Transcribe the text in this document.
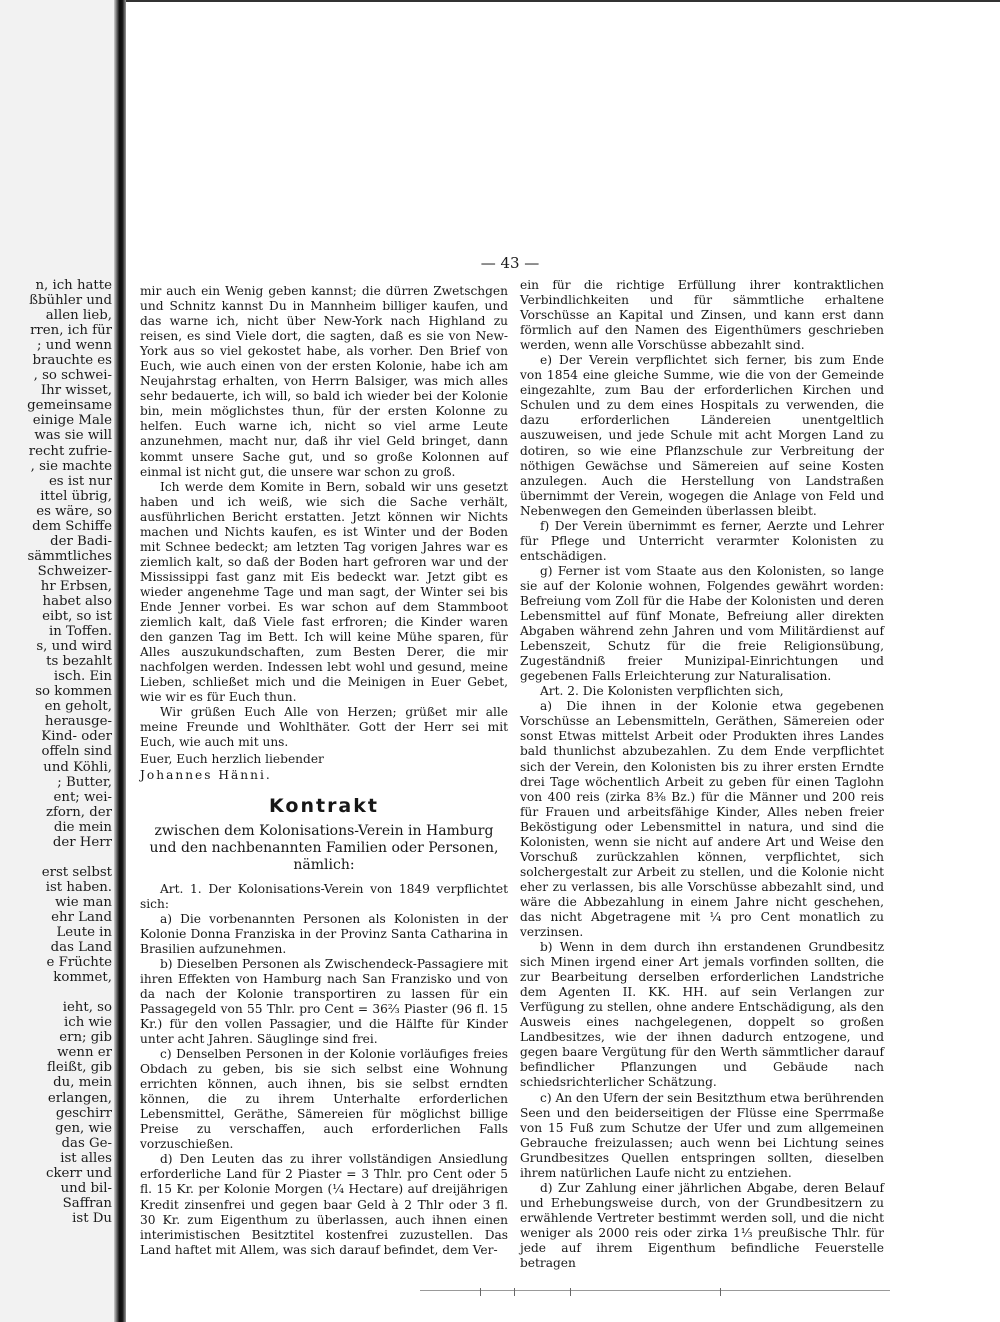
n, ich hatte
ßbühler und
allen lieb,
rren, ich für
; und wenn
brauchte es
, so schwei-
Ihr wisset,
gemeinsame
einige Male
was sie will
recht zufrie-
, sie machte
es ist nur
ittel übrig,
es wäre, so
dem Schiffe
der Badi-
sämmtliches
Schweizer-
hr Erbsen,
habet also
eibt, so ist
in Toffen.
s, und wird
ts bezahlt
isch. Ein
so kommen
en geholt,
herausge-
Kind- oder
offeln sind
und Köhli,
; Butter,
ent; wei-
zforn, der
die mein
der Herr
erst selbst
ist haben.
wie man
ehr Land
Leute in
das Land
e Früchte
kommet,
ieht, so
ich wie
ern; gib
wenn er
fleißt, gib
du, mein
erlangen,
geschirr
gen, wie
das Ge-
ist alles
ckerr und
und bil-
Saffran
ist Du
— 43 —

mir auch ein Wenig geben kannst; die dürren Zwetschgen und Schnitz kannst Du in Mannheim billiger kaufen, und das warne ich, nicht über New-York nach Highland zu reisen, es sind Viele dort, die sagten, daß es sie von New-York aus so viel gekostet habe, als vorher. Den Brief von Euch, wie auch einen von der ersten Kolonie, habe ich am Neujahrstag erhalten, von Herrn Balsiger, was mich alles sehr bedauerte, ich will, so bald ich wieder bei der Kolonie bin, mein möglichstes thun, für der ersten Kolonne zu helfen. Euch warne ich, nicht so viel arme Leute anzunehmen, macht nur, daß ihr viel Geld bringet, dann kommt unsere Sache gut, und so große Kolonnen auf einmal ist nicht gut, die unsere war schon zu groß.

Ich werde dem Komite in Bern, sobald wir uns gesetzt haben und ich weiß, wie sich die Sache verhält, ausführlichen Bericht erstatten. Jetzt können wir Nichts machen und Nichts kaufen, es ist Winter und der Boden mit Schnee bedeckt; am letzten Tag vorigen Jahres war es ziemlich kalt, so daß der Boden hart gefroren war und der Mississippi fast ganz mit Eis bedeckt war. Jetzt gibt es wieder angenehme Tage und man sagt, der Winter sei bis Ende Jenner vorbei. Es war schon auf dem Stammboot ziemlich kalt, daß Viele fast erfroren; die Kinder waren den ganzen Tag im Bett. Ich will keine Mühe sparen, für Alles auszukundschaften, zum Besten Derer, die mir nachfolgen werden. Indessen lebt wohl und gesund, meine Lieben, schließet mich und die Meinigen in Euer Gebet, wie wir es für Euch thun.

Wir grüßen Euch Alle von Herzen; grüßet mir alle meine Freunde und Wohlthäter. Gott der Herr sei mit Euch, wie auch mit uns.

Euer, Euch herzlich liebender

Johannes Hänni.

Kontrakt
zwischen dem Kolonisations-Verein in Hamburg und den nachbenannten Familien oder Personen, nämlich:

Art. 1. Der Kolonisations-Verein von 1849 verpflichtet sich:

a) Die vorbenannten Personen als Kolonisten in der Kolonie Donna Franziska in der Provinz Santa Catharina in Brasilien aufzunehmen.

b) Dieselben Personen als Zwischendeck-Passagiere mit ihren Effekten von Hamburg nach San Franzisko und von da nach der Kolonie transportiren zu lassen für ein Passagegeld von 55 Thlr. pro Cent = 36⅔ Piaster (96 fl. 15 Kr.) für den vollen Passagier, und die Hälfte für Kinder unter acht Jahren. Säuglinge sind frei.

c) Denselben Personen in der Kolonie vorläufiges freies Obdach zu geben, bis sie sich selbst eine Wohnung errichten können, auch ihnen, bis sie selbst erndten können, die zu ihrem Unterhalte erforderlichen Lebensmittel, Geräthe, Sämereien für möglichst billige Preise zu verschaffen, auch erforderlichen Falls vorzuschießen.

d) Den Leuten das zu ihrer vollständigen Ansiedlung erforderliche Land für 2 Piaster = 3 Thlr. pro Cent oder 5 fl. 15 Kr. per Kolonie Morgen (¼ Hectare) auf dreijährigen Kredit zinsenfrei und gegen baar Geld à 2 Thlr oder 3 fl. 30 Kr. zum Eigenthum zu überlassen, auch ihnen einen interimistischen Besitztitel kostenfrei zuzustellen. Das Land haftet mit Allem, was sich darauf befindet, dem Ver-

ein für die richtige Erfüllung ihrer kontraktlichen Verbindlichkeiten und für sämmtliche erhaltene Vorschüsse an Kapital und Zinsen, und kann erst dann förmlich auf den Namen des Eigenthümers geschrieben werden, wenn alle Vorschüsse abbezahlt sind.

e) Der Verein verpflichtet sich ferner, bis zum Ende von 1854 eine gleiche Summe, wie die von der Gemeinde eingezahlte, zum Bau der erforderlichen Kirchen und Schulen und zu dem eines Hospitals zu verwenden, die dazu erforderlichen Ländereien unentgeltlich auszuweisen, und jede Schule mit acht Morgen Land zu dotiren, so wie eine Pflanzschule zur Verbreitung der nöthigen Gewächse und Sämereien auf seine Kosten anzulegen. Auch die Herstellung von Landstraßen übernimmt der Verein, wogegen die Anlage von Feld und Nebenwegen den Gemeinden überlassen bleibt.

f) Der Verein übernimmt es ferner, Aerzte und Lehrer für Pflege und Unterricht verarmter Kolonisten zu entschädigen.

g) Ferner ist vom Staate aus den Kolonisten, so lange sie auf der Kolonie wohnen, Folgendes gewährt worden: Befreiung vom Zoll für die Habe der Kolonisten und deren Lebensmittel auf fünf Monate, Befreiung aller direkten Abgaben während zehn Jahren und vom Militärdienst auf Lebenszeit, Schutz für die freie Religionsübung, Zugeständniß freier Munizipal-Einrichtungen und gegebenen Falls Erleichterung zur Naturalisation.

Art. 2. Die Kolonisten verpflichten sich,

a) Die ihnen in der Kolonie etwa gegebenen Vorschüsse an Lebensmitteln, Geräthen, Sämereien oder sonst Etwas mittelst Arbeit oder Produkten ihres Landes bald thunlichst abzubezahlen. Zu dem Ende verpflichtet sich der Verein, den Kolonisten bis zu ihrer ersten Erndte drei Tage wöchentlich Arbeit zu geben für einen Taglohn von 400 reis (zirka 8⅜ Bz.) für die Männer und 200 reis für Frauen und arbeitsfähige Kinder, Alles neben freier Beköstigung oder Lebensmittel in natura, und sind die Kolonisten, wenn sie nicht auf andere Art und Weise den Vorschuß zurückzahlen können, verpflichtet, sich solchergestalt zur Arbeit zu stellen, und die Kolonie nicht eher zu verlassen, bis alle Vorschüsse abbezahlt sind, und wäre die Abbezahlung in einem Jahre nicht geschehen, das nicht Abgetragene mit ¼ pro Cent monatlich zu verzinsen.

b) Wenn in dem durch ihn erstandenen Grundbesitz sich Minen irgend einer Art jemals vorfinden sollten, die zur Bearbeitung derselben erforderlichen Landstriche dem Agenten II. KK. HH. auf sein Verlangen zur Verfügung zu stellen, ohne andere Entschädigung, als den Ausweis eines nachgelegenen, doppelt so großen Landbesitzes, wie der ihnen dadurch entzogene, und gegen baare Vergütung für den Werth sämmtlicher darauf befindlicher Pflanzungen und Gebäude nach schiedsrichterlicher Schätzung.

c) An den Ufern der sein Besitzthum etwa berührenden Seen und den beiderseitigen der Flüsse eine Sperrmaße von 15 Fuß zum Schutze der Ufer und zum allgemeinen Gebrauche freizulassen; auch wenn bei Lichtung seines Grundbesitzes Quellen entspringen sollten, dieselben ihrem natürlichen Laufe nicht zu entziehen.

d) Zur Zahlung einer jährlichen Abgabe, deren Belauf und Erhebungsweise durch, von der Grundbesitzern zu erwählende Vertreter bestimmt werden soll, und die nicht weniger als 2000 reis oder zirka 1⅓ preußische Thlr. für jede auf ihrem Eigenthum befindliche Feuerstelle betragen
